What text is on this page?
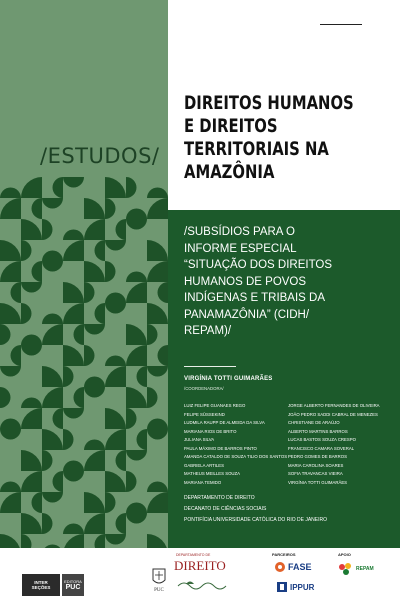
/ESTUDOS/
DIREITOS HUMANOS
E DIREITOS
TERRITORIAIS NA
AMAZÔNIA
/SUBSÍDIOS PARA O
INFORME ESPECIAL
“SITUAÇÃO DOS DIREITOS
HUMANOS DE POVOS
INDÍGENAS E TRIBAIS DA
PANAMAZÔNIA” (CIDH/
REPAM)/
VIRGÍNIA TOTTI GUIMARÃES
/COORDENADORA/
LUIZ FELIPE GUANAES REGO
FELIPE SÜSSEKIND
LUDMILA RAUPP DE ALMEIDA DA SILVA
MARIANA RIOS DE BRITO
JULIANA SILVA
PAULA MÁXIMO DE BARROS PINTO
AMANDA CATALDO DE SOUZA TILIO DOS SANTOS
GABRIELA ARTILES
MATHEUS MEILLES SOUZA
MARIANA TEMIDO
JORGE ALBERTO FERNANDES DE OLIVEIRA
JOÃO PEDRO SADDI CABRAL DE MENEZES
CHRISTIANE DE ARAÚJO
ALBERTO MARTINS BARROS
LUCAS BASTOS SOUZA CRESPO
FRANCISCO CAMARA SOVERAL
PEDRO GOMES DE BARROS
MARIA CAROLINA SOARES
SOFIA TRAVANCAS VIEIRA
VIRGÍNIA TOTTI GUIMARÃES
DEPARTAMENTO DE DIREITO
DECANATO DE CIÊNCIAS SOCIAIS
PONTIFÍCIA UNIVERSIDADE CATÓLICA DO RIO DE JANEIRO
INTER
SEÇÕES
EDITORA
PUC	PUC
DEPARTAMENTO DE
DIREITO
PARCEIROS	APOIO
FASE
IPPUR
REPAM
